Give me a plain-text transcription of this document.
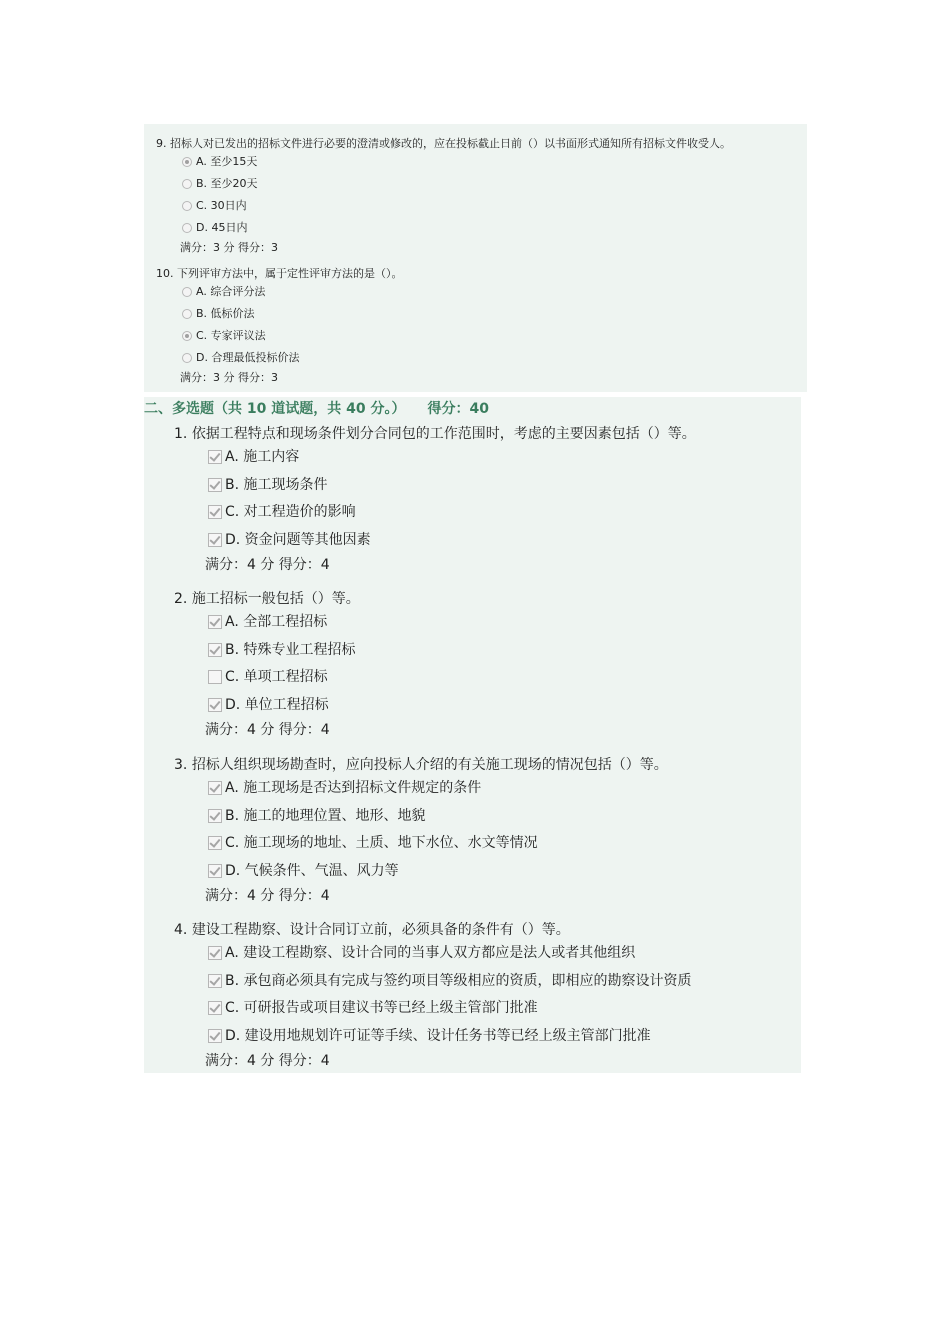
9. 招标人对已发出的招标文件进行必要的澄清或修改的，应在投标截止日前（）以书面形式通知所有招标文件收受人。
A. 至少15天
B. 至少20天
C. 30日内
D. 45日内
满分：3 分 得分：3
10. 下列评审方法中，属于定性评审方法的是（）。
A. 综合评分法
B. 低标价法
C. 专家评议法
D. 合理最低投标价法
满分：3 分 得分：3
二、多选题（共 10 道试题，共 40 分。） 得分：40
1. 依据工程特点和现场条件划分合同包的工作范围时，考虑的主要因素包括（）等。
A. 施工内容
B. 施工现场条件
C. 对工程造价的影响
D. 资金问题等其他因素
满分：4 分 得分：4
2. 施工招标一般包括（）等。
A. 全部工程招标
B. 特殊专业工程招标
C. 单项工程招标
D. 单位工程招标
满分：4 分 得分：4
3. 招标人组织现场勘查时，应向投标人介绍的有关施工现场的情况包括（）等。
A. 施工现场是否达到招标文件规定的条件
B. 施工的地理位置、地形、地貌
C. 施工现场的地址、土质、地下水位、水文等情况
D. 气候条件、气温、风力等
满分：4 分 得分：4
4. 建设工程勘察、设计合同订立前，必须具备的条件有（）等。
A. 建设工程勘察、设计合同的当事人双方都应是法人或者其他组织
B. 承包商必须具有完成与签约项目等级相应的资质，即相应的勘察设计资质
C. 可研报告或项目建议书等已经上级主管部门批准
D. 建设用地规划许可证等手续、设计任务书等已经上级主管部门批准
满分：4 分 得分：4
